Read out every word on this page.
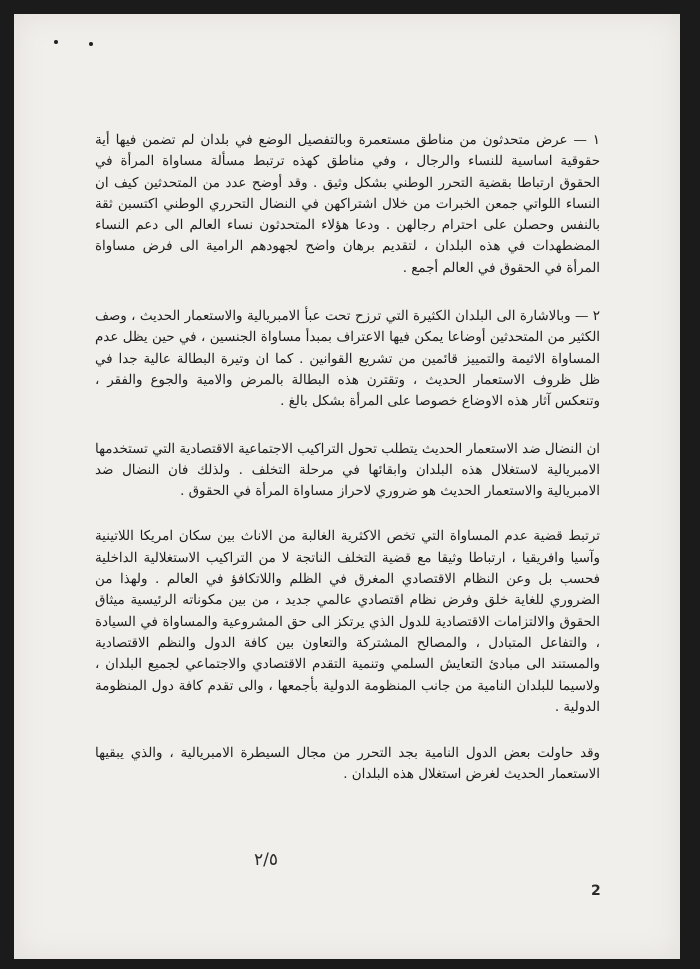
١ — عرض متحدثون من مناطق مستعمرة وبالتفصيل الوضع في بلدان لم تضمن فيها أية حقوقية اساسية للنساء والرجال ، وفي مناطق كهذه ترتبط مسألة مساواة المرأة في الحقوق ارتباطا بقضية التحرر الوطني بشكل وثيق . وقد أوضح عدد من المتحدثين كيف ان النساء اللواتي جمعن الخبرات من خلال اشتراكهن في النضال التحرري الوطني اكتسبن ثقة بالنفس وحصلن على احترام رجالهن . ودعا هؤلاء المتحدثون نساء العالم الى دعم النساء المضطهدات في هذه البلدان ، لتقديم برهان واضح لجهودهم الرامية الى فرض مساواة المرأة في الحقوق في العالم أجمع .

٢ — وبالاشارة الى البلدان الكثيرة التي ترزح تحت عبأ الامبريالية والاستعمار الحديث ، وصف الكثير من المتحدثين أوضاعا يمكن فيها الاعتراف بمبدأ مساواة الجنسين ، في حين يظل عدم المساواة الاثيمة والتمييز قائمين من تشريع القوانين . كما ان وتيرة البطالة عالية جدا في ظل ظروف الاستعمار الحديث ، وتقترن هذه البطالة بالمرض والامية والجوع والفقر ، وتنعكس آثار هذه الاوضاع خصوصا على المرأة بشكل بالغ .

ان النضال ضد الاستعمار الحديث يتطلب تحول التراكيب الاجتماعية الاقتصادية التي تستخدمها الامبريالية لاستغلال هذه البلدان وابقائها في مرحلة التخلف . ولذلك فان النضال ضد الامبريالية والاستعمار الحديث هو ضروري لاحراز مساواة المرأة في الحقوق .

ترتبط قضية عدم المساواة التي تخص الاكثرية الغالبة من الاناث بين سكان امريكا اللاتينية وآسيا وافريقيا ، ارتباطا وثيقا مع قضية التخلف الناتجة لا من التراكيب الاستغلالية الداخلية فحسب بل وعن النظام الاقتصادي المغرق في الظلم واللاتكافؤ في العالم . ولهذا من الضروري للغاية خلق وفرض نظام اقتصادي عالمي جديد ، من بين مكوناته الرئيسية ميثاق الحقوق والالتزامات الاقتصادية للدول الذي يرتكز الى حق المشروعية والمساواة في السيادة ، والتفاعل المتبادل ، والمصالح المشتركة والتعاون بين كافة الدول والنظم الاقتصادية والمستند الى مبادئ التعايش السلمي وتنمية التقدم الاقتصادي والاجتماعي لجميع البلدان ، ولاسيما للبلدان النامية من جانب المنظومة الدولية بأجمعها ، والى تقدم كافة دول المنظومة الدولية .

وقد حاولت بعض الدول النامية بجد التحرر من مجال السيطرة الامبريالية ، والذي يبقيها الاستعمار الحديث لغرض استغلال هذه البلدان .

٢/٥
2
